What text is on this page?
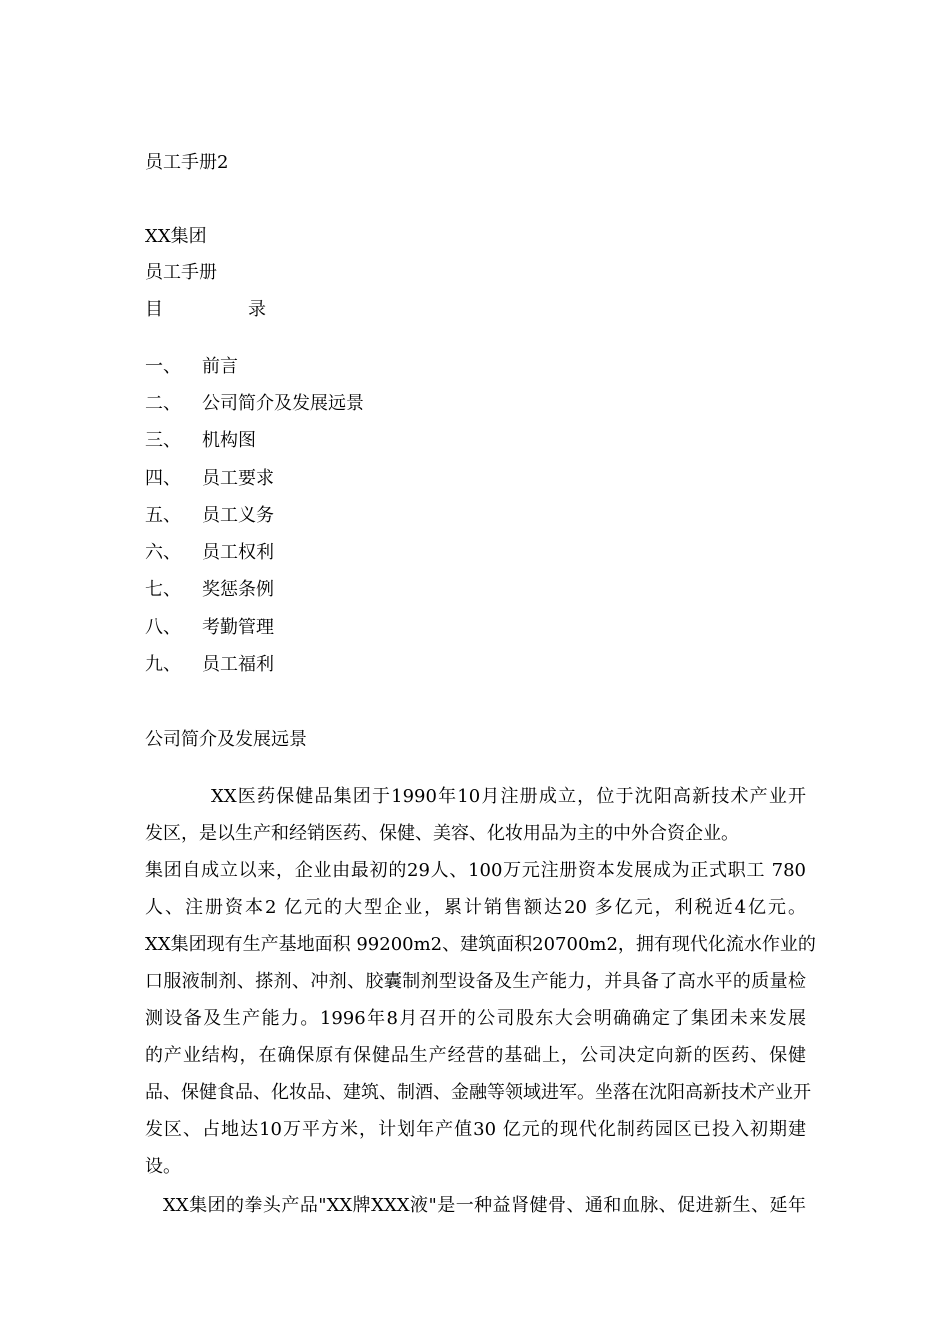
员工手册2
XX集团
员工手册
目	录
一、 前言
二、 公司简介及发展远景
三、 机构图
四、 员工要求
五、 员工义务
六、 员工权利
七、 奖惩条例
八、 考勤管理
九、 员工福利
公司简介及发展远景
XX医药保健品集团于1990年10月注册成立，位于沈阳高新技术产业开
发区，是以生产和经销医药、保健、美容、化妆用品为主的中外合资企业。
集团自成立以来，企业由最初的29人、100万元注册资本发展成为正式职工 780
人、注册资本2 亿元的大型企业，累计销售额达20 多亿元，利税近4亿元。
XX集团现有生产基地面积 99200m2、建筑面积20700m2，拥有现代化流水作业的
口服液制剂、搽剂、冲剂、胶囊制剂型设备及生产能力，并具备了高水平的质量检
测设备及生产能力。1996年8月召开的公司股东大会明确确定了集团未来发展
的产业结构，在确保原有保健品生产经营的基础上，公司决定向新的医药、保健
品、保健食品、化妆品、建筑、制酒、金融等领域进军。坐落在沈阳高新技术产业开
发区、占地达10万平方米，计划年产值30 亿元的现代化制药园区已投入初期建
设。
XX集团的拳头产品"XX牌XXX液"是一种益肾健骨、通和血脉、促进新生、延年
